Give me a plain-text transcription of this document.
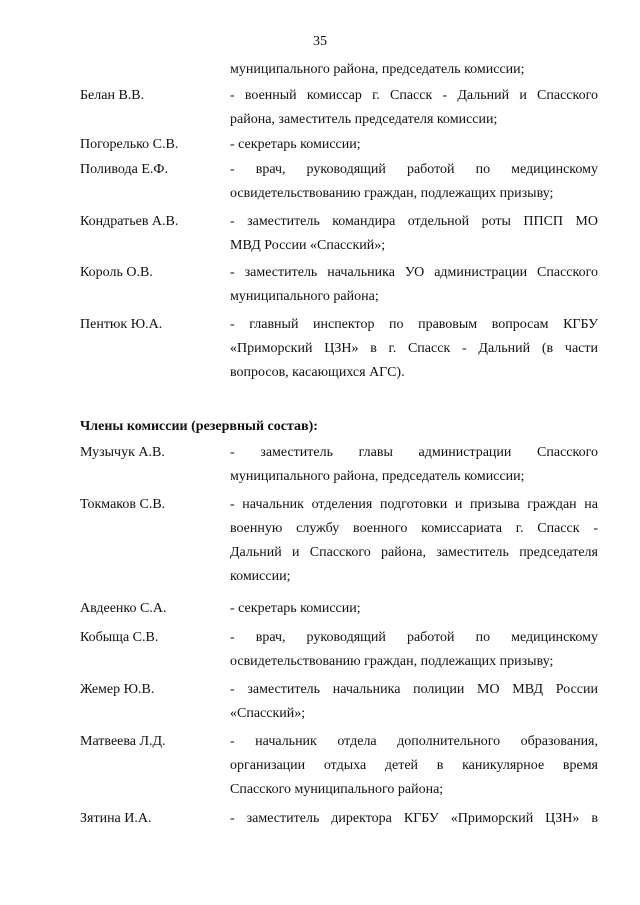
35
муниципального района, председатель комиссии;
Белан В.В.	- военный комиссар г. Спасск - Дальний и Спасского
района, заместитель председателя комиссии;
Погорелько С.В.	- секретарь комиссии;
Поливода Е.Ф.	- врач, руководящий работой по медицинскому
освидетельствованию граждан, подлежащих призыву;
Кондратьев А.В.	- заместитель командира отдельной роты ППСП МО
МВД России «Спасский»;
Король О.В.	- заместитель начальника УО администрации Спасского
муниципального района;
Пентюк Ю.А.	- главный инспектор по правовым вопросам КГБУ
«Приморский ЦЗН» в г. Спасск - Дальний (в части
вопросов, касающихся АГС).
Члены комиссии (резервный состав):
Музычук А.В.	- заместитель главы администрации Спасского
муниципального района, председатель комиссии;
Токмаков С.В.	- начальник отделения подготовки и призыва граждан на
военную службу военного комиссариата г. Спасск -
Дальний и Спасского района, заместитель председателя
комиссии;
Авдеенко С.А.	- секретарь комиссии;
Кобыща С.В.	- врач, руководящий работой по медицинскому
освидетельствованию граждан, подлежащих призыву;
Жемер Ю.В.	- заместитель начальника полиции МО МВД России
«Спасский»;
Матвеева Л.Д.	- начальник отдела дополнительного образования,
организации отдыха детей в каникулярное время
Спасского муниципального района;
Зятина И.А.	- заместитель директора КГБУ «Приморский ЦЗН» в
